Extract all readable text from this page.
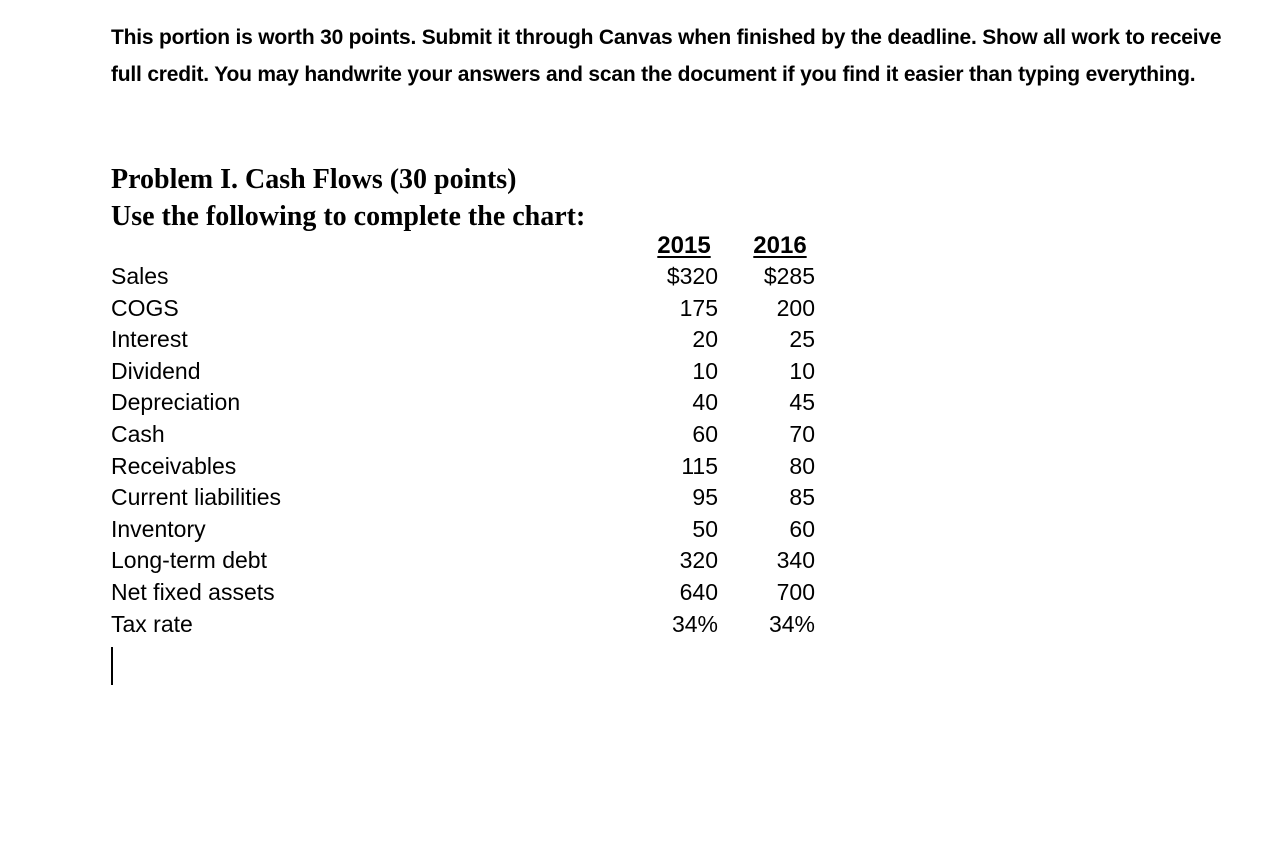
This portion is worth 30 points. Submit it through Canvas when finished by the deadline. Show all work to receive full credit. You may handwrite your answers and scan the document if you find it easier than typing everything.

Problem I. Cash Flows (30 points)
Use the following to complete the chart:
2015 2016
Sales	$320 $285
COGS	175	200
Interest	20	25
Dividend	10	10
Depreciation	40	45
Cash	60	70
Receivables	115	80
Current liabilities	95	85
Inventory	50	60
Long-term debt	320	340
Net fixed assets	640	700
Tax rate	34% 34%
